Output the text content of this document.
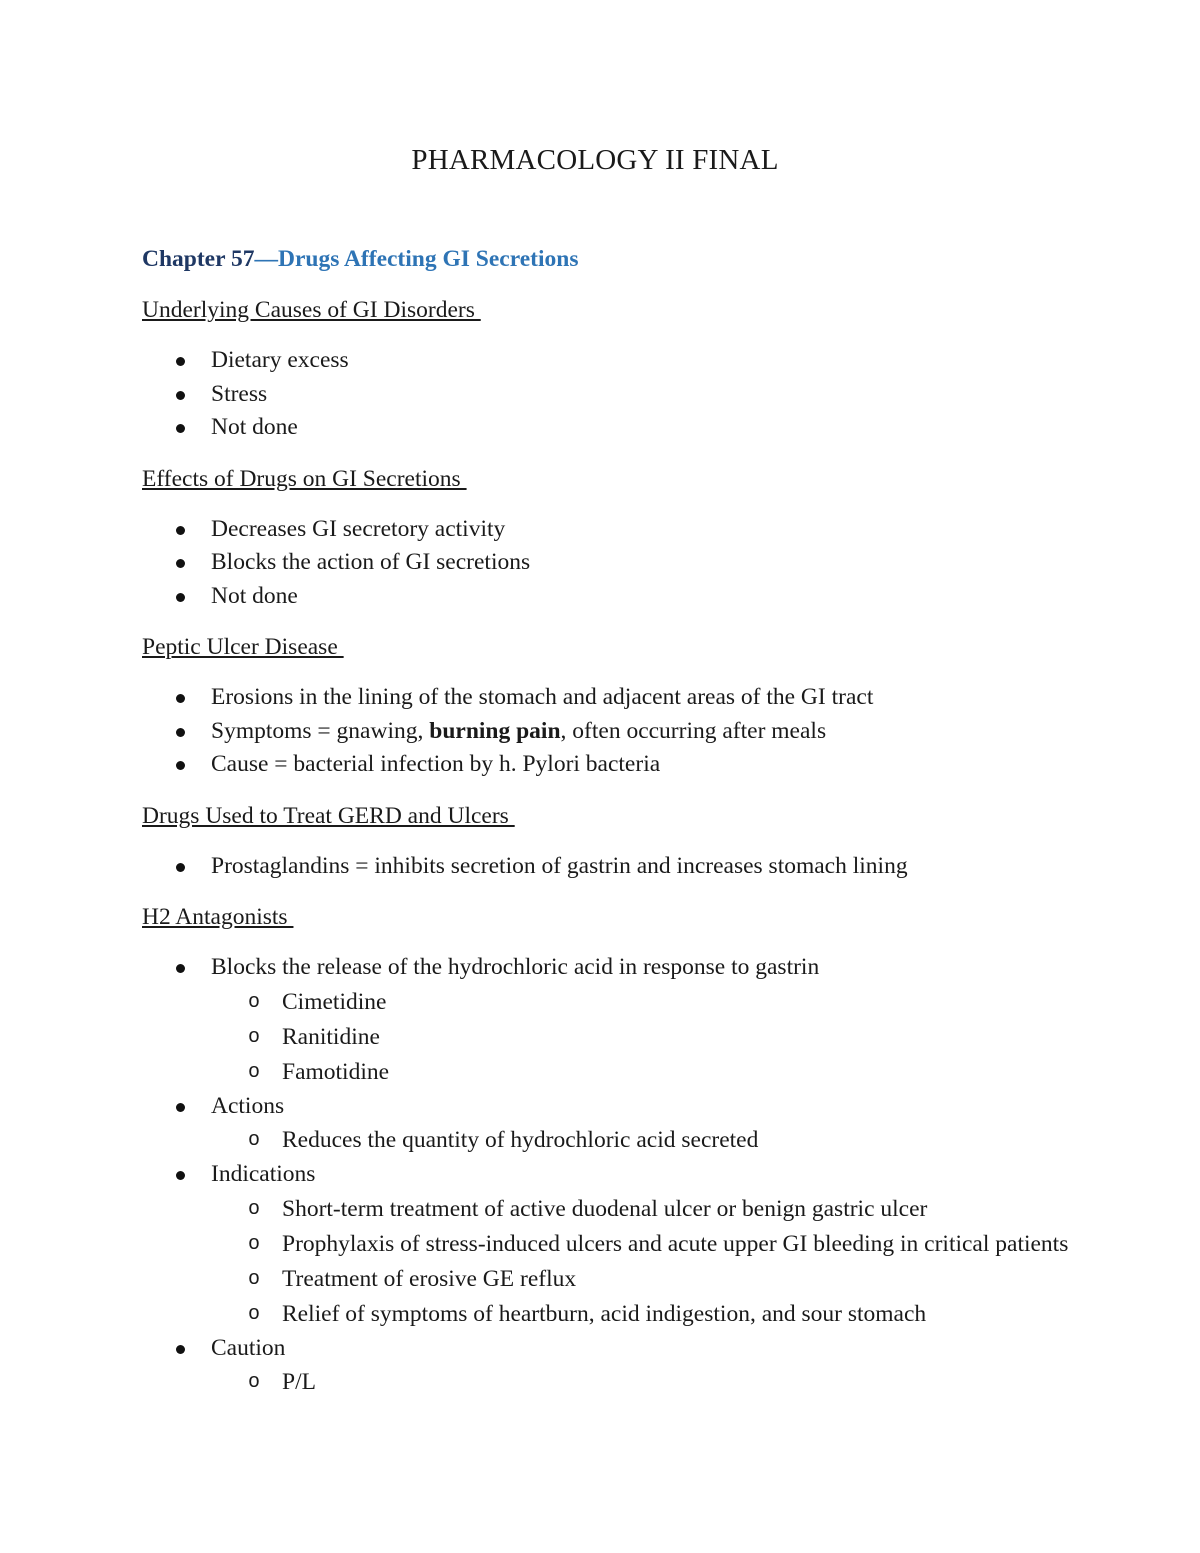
PHARMACOLOGY II FINAL
Chapter 57—Drugs Affecting GI Secretions
Underlying Causes of GI Disorders
Dietary excess
Stress
Not done
Effects of Drugs on GI Secretions
Decreases GI secretory activity
Blocks the action of GI secretions
Not done
Peptic Ulcer Disease
Erosions in the lining of the stomach and adjacent areas of the GI tract
Symptoms = gnawing, burning pain, often occurring after meals
Cause = bacterial infection by h. Pylori bacteria
Drugs Used to Treat GERD and Ulcers
Prostaglandins = inhibits secretion of gastrin and increases stomach lining
H2 Antagonists
Blocks the release of the hydrochloric acid in response to gastrin
o Cimetidine
o Ranitidine
o Famotidine
Actions
o Reduces the quantity of hydrochloric acid secreted
Indications
o Short-term treatment of active duodenal ulcer or benign gastric ulcer
o Prophylaxis of stress-induced ulcers and acute upper GI bleeding in critical patients
o Treatment of erosive GE reflux
o Relief of symptoms of heartburn, acid indigestion, and sour stomach
Caution
o P/L
